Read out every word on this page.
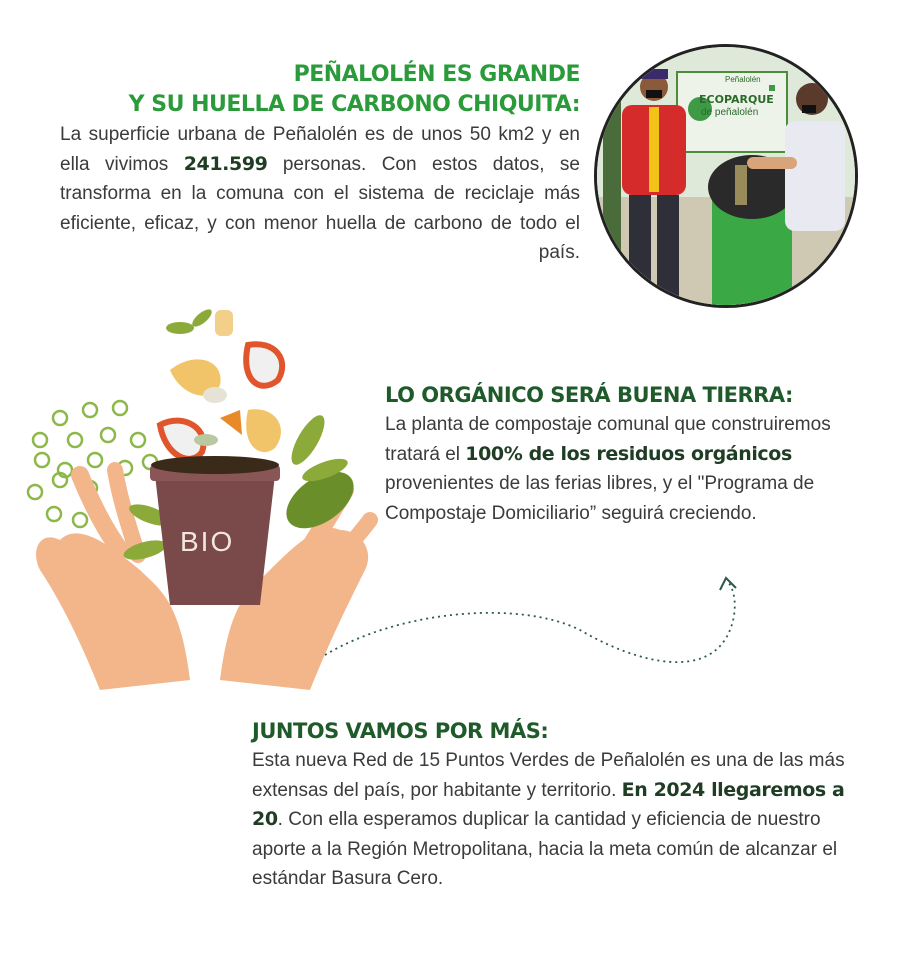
PEÑALOLÉN ES GRANDE
Y SU HUELLA DE CARBONO CHIQUITA:
La superficie urbana de Peñalolén es de unos 50 km2 y en ella vivimos 241.599 personas. Con estos datos, se transforma en la comuna con el sistema de reciclaje más eficiente, eficaz, y con menor huella de carbono de todo el país.
ECOPARQUE
de peñalolén
Peñalolén
BIO
LO ORGÁNICO SERÁ BUENA TIERRA:
La planta de compostaje comunal que construiremos tratará el 100% de los residuos orgánicos provenientes de las ferias libres, y el "Programa de Compostaje Domiciliario” seguirá creciendo.
JUNTOS VAMOS POR MÁS:
Esta nueva Red de 15 Puntos Verdes de Peñalolén es una de las más extensas del país, por habitante y territorio. En 2024 llegaremos a 20. Con ella esperamos duplicar la cantidad y eficiencia de nuestro aporte a la Región Metropolitana, hacia la meta común de alcanzar el estándar Basura Cero.
